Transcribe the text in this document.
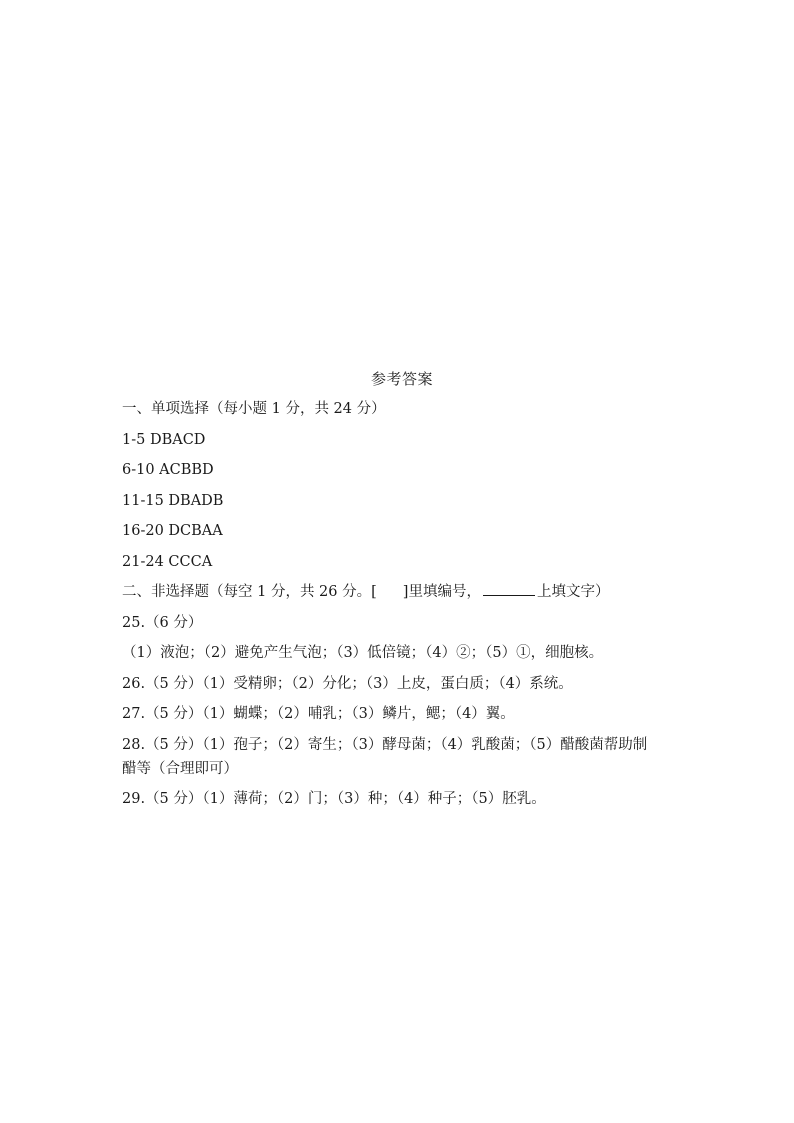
参考答案
一、单项选择（每小题 1 分，共 24 分）
1-5 DBACD
6-10 ACBBD
11-15 DBADB
16-20 DCBAA
21-24 CCCA
二、非选择题（每空 1 分，共 26 分。[ ]里填编号，	上填文字）
25.（6 分）
（1）液泡；（2）避免产生气泡；（3）低倍镜；（4）②；（5）①，细胞核。
26.（5 分）（1）受精卵；（2）分化；（3）上皮，蛋白质；（4）系统。
27.（5 分）（1）蝴蝶；（2）哺乳；（3）鳞片，鳃；（4）翼。
28.（5 分）（1）孢子；（2）寄生；（3）酵母菌；（4）乳酸菌；（5）醋酸菌帮助制
醋等（合理即可）
29.（5 分）（1）薄荷；（2）门；（3）种；（4）种子；（5）胚乳。
